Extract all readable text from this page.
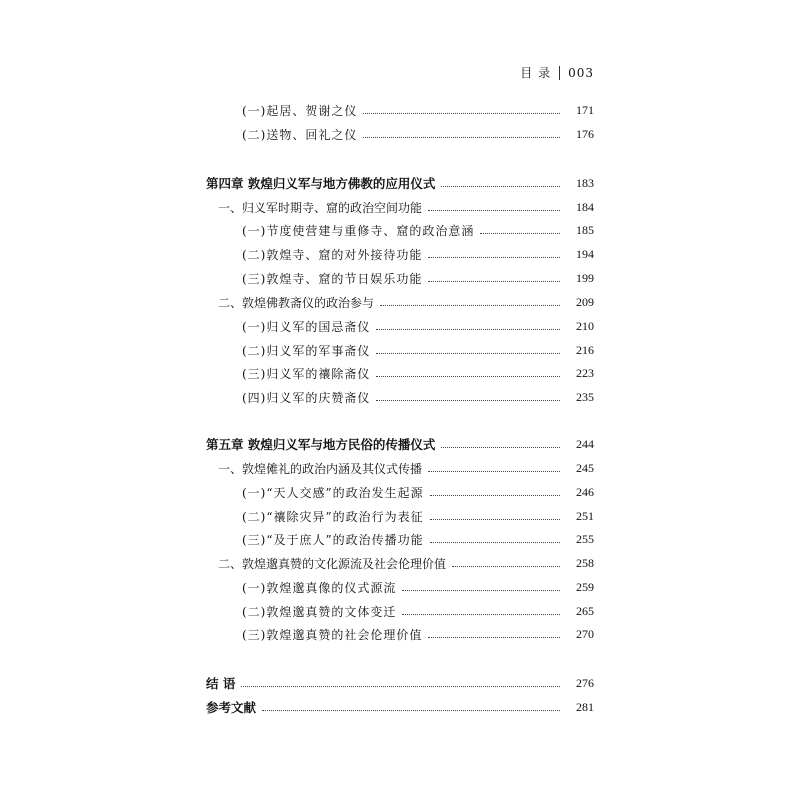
目 录 003
(一)起居、贺谢之仪	171
(二)送物、回礼之仪	176
第四章 敦煌归义军与地方佛教的应用仪式	183
一、归义军时期寺、窟的政治空间功能	184
(一)节度使营建与重修寺、窟的政治意涵	185
(二)敦煌寺、窟的对外接待功能	194
(三)敦煌寺、窟的节日娱乐功能	199
二、敦煌佛教斋仪的政治参与	209
(一)归义军的国忌斋仪	210
(二)归义军的军事斋仪	216
(三)归义军的禳除斋仪	223
(四)归义军的庆赞斋仪	235
第五章 敦煌归义军与地方民俗的传播仪式	244
一、敦煌傩礼的政治内涵及其仪式传播	245
(一)“天人交感”的政治发生起源	246
(二)“禳除灾异”的政治行为表征	251
(三)“及于庶人”的政治传播功能	255
二、敦煌邈真赞的文化源流及社会伦理价值	258
(一)敦煌邈真像的仪式源流	259
(二)敦煌邈真赞的文体变迁	265
(三)敦煌邈真赞的社会伦理价值	270
结 语	276
参考文献	281
